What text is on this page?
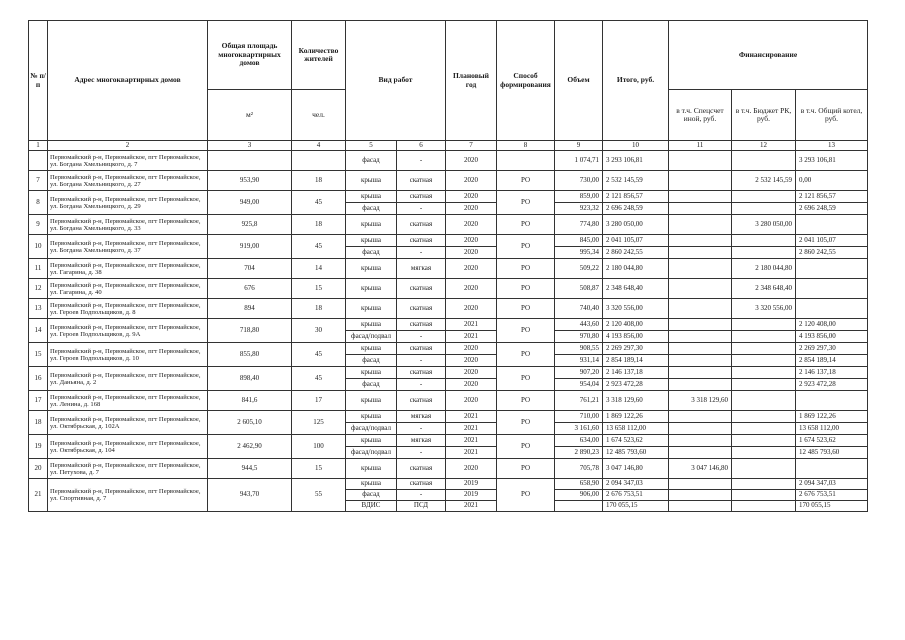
№ п/п	Адрес многоквартирных домов	Общая площадь многоквартирных домов	Количество жителей	Вид работ		Плановый год	Способ формирования	Объем	Итого, руб.	Финансирование		
		м²	чел.							в т.ч. Спецсчет иной, руб.	в т.ч. Бюджет РК, руб.	в т.ч. Общий котел, руб.
1	2	3	4	5	6	7	8	9	10	11	12	13
	Первомайский р-н, Первомайское, пгт Первомайское, ул. Богдана Хмельницкого, д. 7			фасад	-	2020		1 074,71	3 293 106,81			3 293 106,81
7	Первомайский р-н, Первомайское, пгт Первомайское, ул. Богдана Хмельницкого, д. 27	953,90	18	крыша	скатная	2020	РО	730,00	2 532 145,59		2 532 145,59	0,00
8	Первомайский р-н, Первомайское, пгт Первомайское, ул. Богдана Хмельницкого, д. 29	949,00	45	крыша	скатная	2020	РО	859,00	2 121 856,57			2 121 856,57
				фасад	-	2020		923,32	2 696 248,59			2 696 248,59
9	Первомайский р-н, Первомайское, пгт Первомайское, ул. Богдана Хмельницкого, д. 33	925,8	18	крыша	скатная	2020	РО	774,80	3 280 050,00		3 280 050,00	
10	Первомайский р-н, Первомайское, пгт Первомайское, ул. Богдана Хмельницкого, д. 37	919,00	45	крыша	скатная	2020	РО	845,00	2 041 105,07			2 041 105,07
				фасад	-	2020		995,34	2 860 242,55			2 860 242,55
11	Первомайский р-н, Первомайское, пгт Первомайское, ул. Гагарина, д. 38	704	14	крыша	мягкая	2020	РО	509,22	2 180 044,80		2 180 044,80	
12	Первомайский р-н, Первомайское, пгт Первомайское, ул. Гагарина, д. 40	676	15	крыша	скатная	2020	РО	508,87	2 348 648,40		2 348 648,40	
13	Первомайский р-н, Первомайское, пгт Первомайское, ул. Героев Подпольщиков, д. 8	894	18	крыша	скатная	2020	РО	740,40	3 320 556,00		3 320 556,00	
14	Первомайский р-н, Первомайское, пгт Первомайское, ул. Героев Подпольщиков, д. 9А	718,80	30	крыша	скатная	2021	РО	443,60	2 120 408,00			2 120 408,00
				фасад/подвал	-	2021		970,80	4 193 856,00			4 193 856,00
15	Первомайский р-н, Первомайское, пгт Первомайское, ул. Героев Подпольщиков, д. 10	855,80	45	крыша	скатная	2020	РО	908,55	2 269 297,30			2 269 297,30
				фасад	-	2020		931,14	2 854 189,14			2 854 189,14
16	Первомайский р-н, Первомайское, пгт Первомайское, ул. Даньяна, д. 2	898,40	45	крыша	скатная	2020	РО	907,20	2 146 137,18			2 146 137,18
				фасад	-	2020		954,04	2 923 472,28			2 923 472,28
17	Первомайский р-н, Первомайское, пгт Первомайское, ул. Ленина, д. 168	841,6	17	крыша	скатная	2020	РО	761,21	3 318 129,60	3 318 129,60		
18	Первомайский р-н, Первомайское, пгт Первомайское, ул. Октябрьская, д. 102А	2 605,10	125	крыша	мягкая	2021	РО	710,00	1 869 122,26			1 869 122,26
				фасад/подвал	-	2021		3 161,60	13 658 112,00			13 658 112,00
19	Первомайский р-н, Первомайское, пгт Первомайское, ул. Октябрьская, д. 104	2 462,90	100	крыша	мягкая	2021	РО	634,00	1 674 523,62			1 674 523,62
				фасад/подвал	-	2021		2 890,23	12 485 793,60			12 485 793,60
20	Первомайский р-н, Первомайское, пгт Первомайское, ул. Петухова, д. 7	944,5	15	крыша	скатная	2020	РО	705,78	3 047 146,80	3 047 146,80		
21	Первомайский р-н, Первомайское, пгт Первомайское, ул. Спортивная, д. 7	943,70	55	крыша	скатная	2019	РО	658,90	2 094 347,03			2 094 347,03
				фасад	-	2019		906,00	2 676 753,51			2 676 753,51
				ВДИС	ПСД	2021			170 055,15			170 055,15
